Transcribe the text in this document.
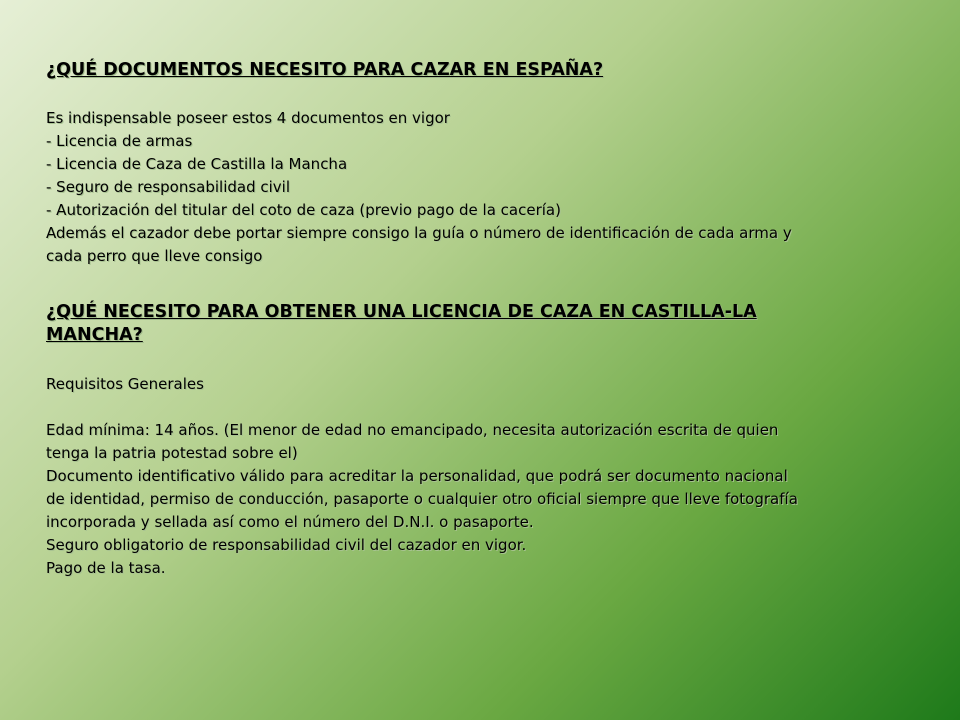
¿QUÉ DOCUMENTOS NECESITO PARA CAZAR EN ESPAÑA?
Es indispensable poseer estos 4 documentos en vigor
- Licencia de armas
- Licencia de Caza de Castilla la Mancha
- Seguro de responsabilidad civil
- Autorización del titular del coto de caza (previo pago de la cacería)
Además el cazador debe portar siempre consigo la guía o número de identificación de cada arma y
cada perro que lleve consigo
¿QUÉ NECESITO PARA OBTENER UNA LICENCIA DE CAZA EN CASTILLA-LA
MANCHA?
Requisitos Generales
Edad mínima: 14 años. (El menor de edad no emancipado, necesita autorización escrita de quien
tenga la patria potestad sobre el)
Documento identificativo válido para acreditar la personalidad, que podrá ser documento nacional
de identidad, permiso de conducción, pasaporte o cualquier otro oficial siempre que lleve fotografía
incorporada y sellada así como el número del D.N.I. o pasaporte.
Seguro obligatorio de responsabilidad civil del cazador en vigor.
Pago de la tasa.
